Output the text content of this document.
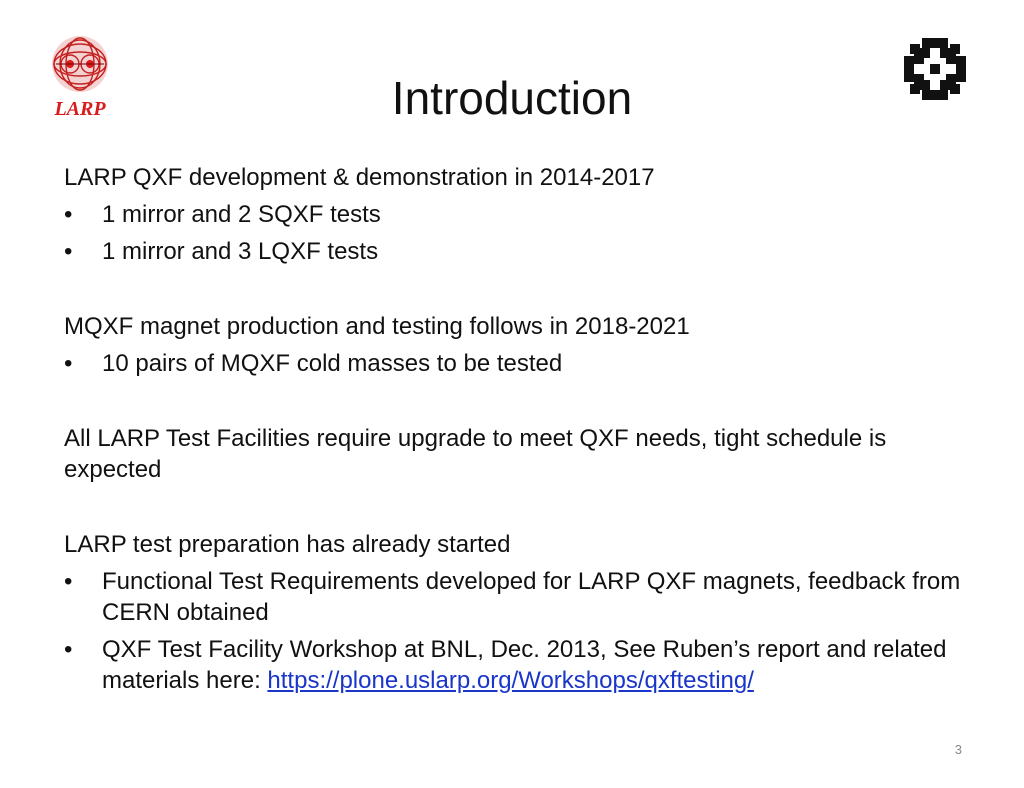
LARP	Introduction

LARP QXF development & demonstration in 2014-2017

•	1 mirror and 2 SQXF tests
•	1 mirror and 3 LQXF tests

MQXF magnet production and testing follows in 2018-2021

•	10 pairs of MQXF cold masses to be tested

All LARP Test Facilities require upgrade to meet QXF needs, tight schedule is expected

LARP test preparation has already started

•	Functional Test Requirements developed for LARP QXF magnets, feedback from CERN obtained
•	QXF Test Facility Workshop at BNL, Dec. 2013, See Ruben’s report and related materials here: https://plone.uslarp.org/Workshops/qxftesting/
3
